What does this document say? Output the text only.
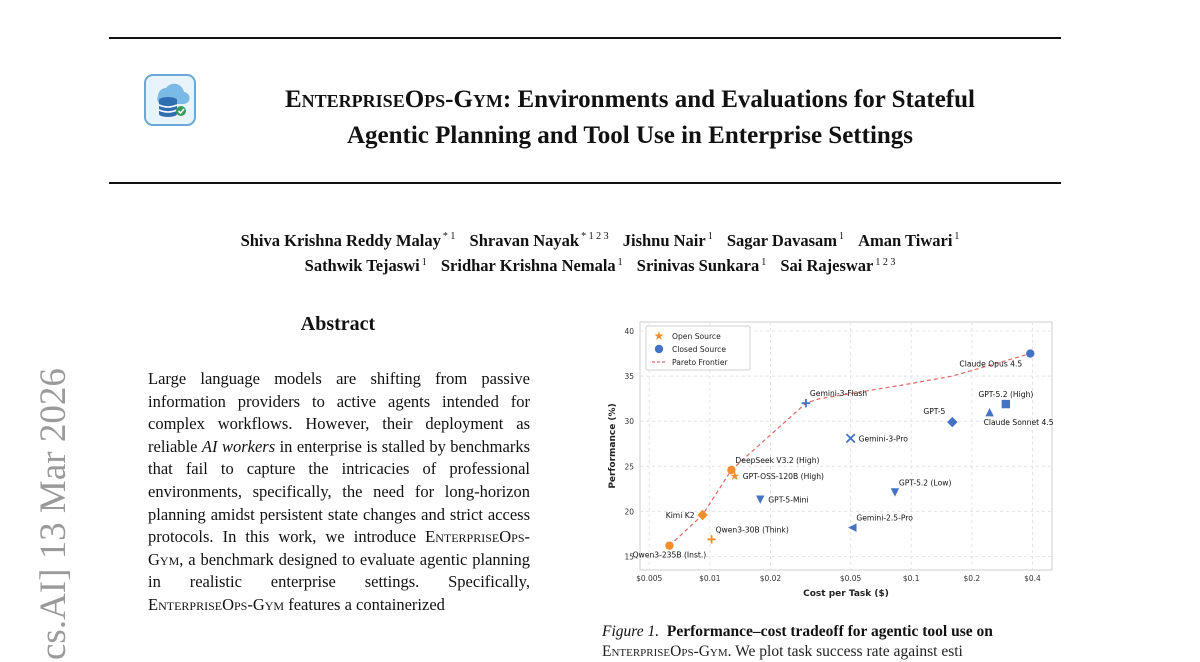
EnterpriseOps-Gym: Environments and Evaluations for Stateful
Agentic Planning and Tool Use in Enterprise Settings
Shiva Krishna Reddy Malay $^{* 1}$ Shravan Nayak $^{* 1 2 3}$ Jishnu Nair $^1$ Sagar Davasam $^1$ Aman Tiwari $^1$
Sathwik Tejaswi $^1$ Sridhar Krishna Nemala $^1$ Srinivas Sunkara $^1$ Sai Rajeswar $^{1 2 3}$
cs.AI] 13 Mar 2026
Abstract
Large language models are shifting from passive information providers to active agents intended for complex workflows. However, their deployment as reliable AI workers in enterprise is stalled by benchmarks that fail to capture the intricacies of professional environments, specifically, the need for long-horizon planning amidst persistent state changes and strict access protocols. In this work, we introduce EnterpriseOps-Gym, a benchmark designed to evaluate agentic planning in realistic enterprise settings. Specifically, EnterpriseOps-Gym features a containerized
$0.005	$0.01	$0.02	$0.05	$0.1	$0.2	$0.4
15
20
25
30
35
40
Cost per Task ($)
Performance (%)
Qwen3-235B (Inst.)
Qwen3-30B (Think)
Kimi K2
DeepSeek V3.2 (High)
GPT-OSS-120B (High)
GPT-5-Mini
Gemini-3-Flash
Gemini-3-Pro
Gemini-2.5-Pro
GPT-5.2 (Low)
GPT-5
Claude Sonnet 4.5
GPT-5.2 (High)
Claude Opus 4.5
Open Source
Closed Source
Pareto Frontier
Figure 1. Performance–cost tradeoff for agentic tool use on
EnterpriseOps-Gym. We plot task success rate against esti
